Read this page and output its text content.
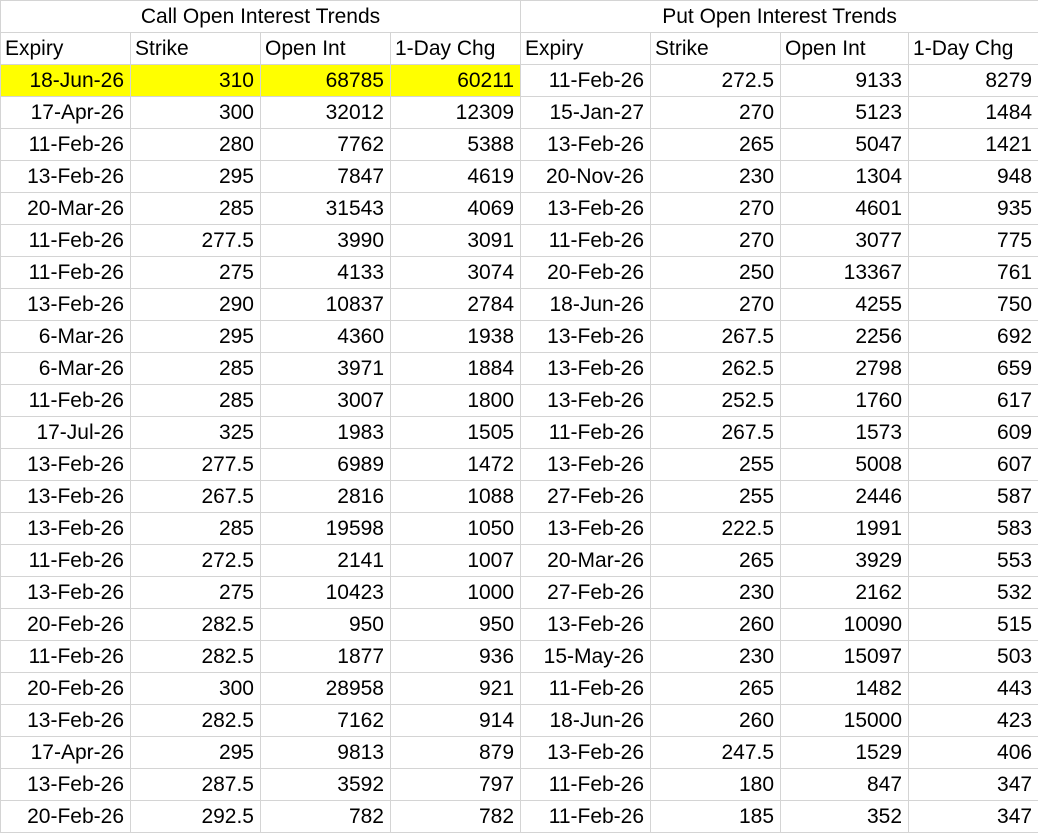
Call Open Interest Trends				Put Open Interest Trends			
Expiry	Strike	Open Int	1-Day Chg	Expiry	Strike	Open Int	1-Day Chg
18-Jun-26	310	68785	60211	11-Feb-26	272.5	9133	8279
17-Apr-26	300	32012	12309	15-Jan-27	270	5123	1484
11-Feb-26	280	7762	5388	13-Feb-26	265	5047	1421
13-Feb-26	295	7847	4619	20-Nov-26	230	1304	948
20-Mar-26	285	31543	4069	13-Feb-26	270	4601	935
11-Feb-26	277.5	3990	3091	11-Feb-26	270	3077	775
11-Feb-26	275	4133	3074	20-Feb-26	250	13367	761
13-Feb-26	290	10837	2784	18-Jun-26	270	4255	750
6-Mar-26	295	4360	1938	13-Feb-26	267.5	2256	692
6-Mar-26	285	3971	1884	13-Feb-26	262.5	2798	659
11-Feb-26	285	3007	1800	13-Feb-26	252.5	1760	617
17-Jul-26	325	1983	1505	11-Feb-26	267.5	1573	609
13-Feb-26	277.5	6989	1472	13-Feb-26	255	5008	607
13-Feb-26	267.5	2816	1088	27-Feb-26	255	2446	587
13-Feb-26	285	19598	1050	13-Feb-26	222.5	1991	583
11-Feb-26	272.5	2141	1007	20-Mar-26	265	3929	553
13-Feb-26	275	10423	1000	27-Feb-26	230	2162	532
20-Feb-26	282.5	950	950	13-Feb-26	260	10090	515
11-Feb-26	282.5	1877	936	15-May-26	230	15097	503
20-Feb-26	300	28958	921	11-Feb-26	265	1482	443
13-Feb-26	282.5	7162	914	18-Jun-26	260	15000	423
17-Apr-26	295	9813	879	13-Feb-26	247.5	1529	406
13-Feb-26	287.5	3592	797	11-Feb-26	180	847	347
20-Feb-26	292.5	782	782	11-Feb-26	185	352	347
